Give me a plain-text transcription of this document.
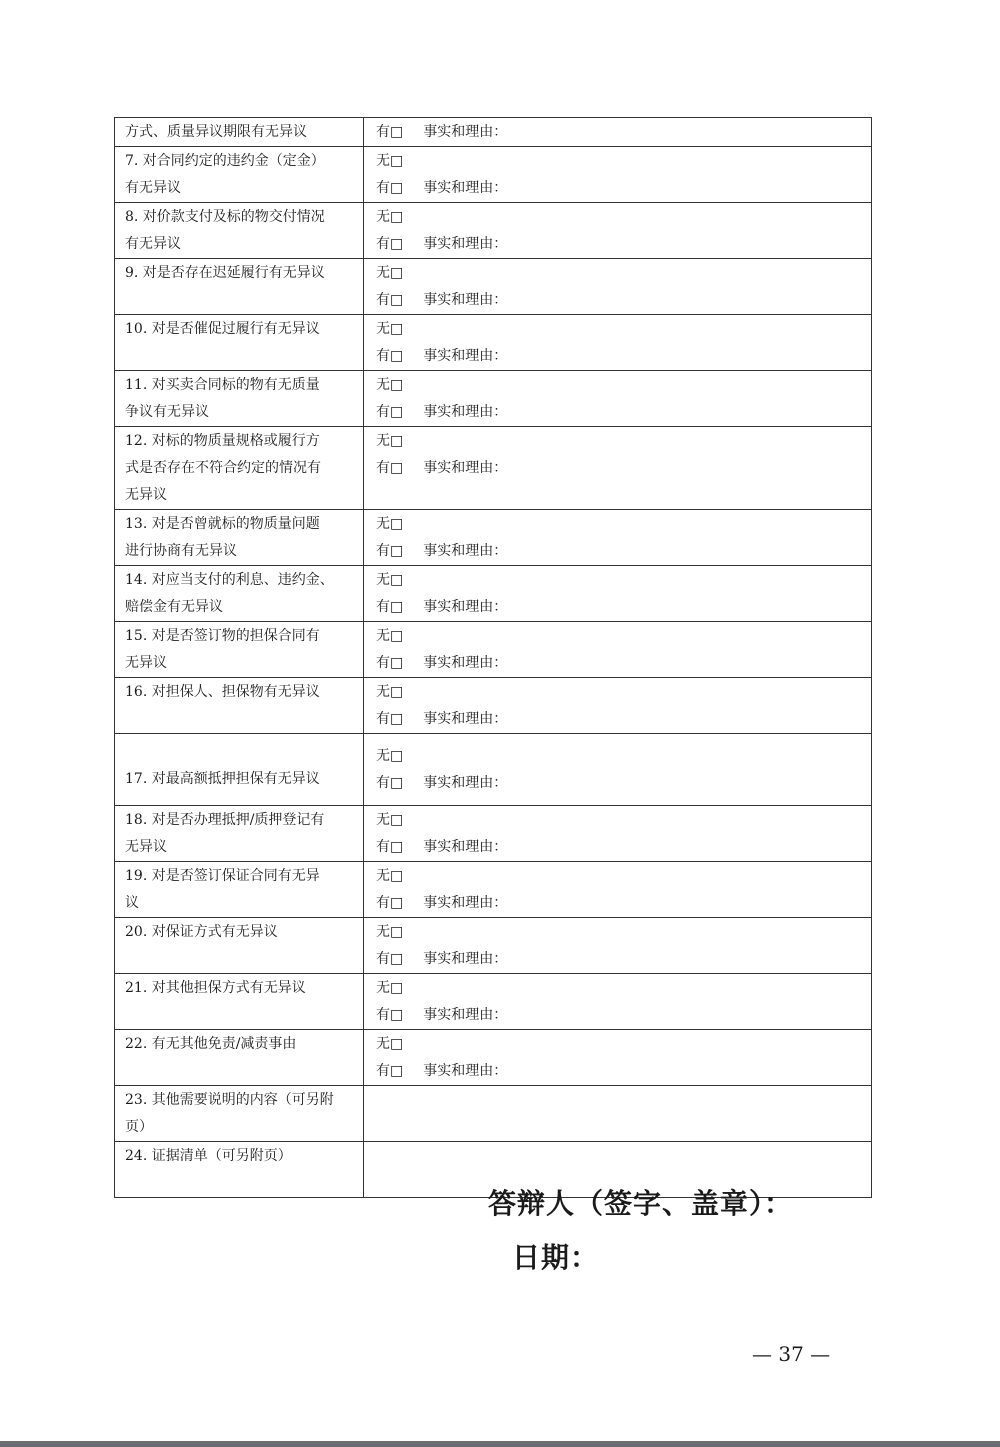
方式、质量异议期限有无异议	有□ 事实和理由：

7. 对合同约定的违约金（定金）
有无异议	无□
有□ 事实和理由：

8. 对价款支付及标的物交付情况
有无异议	无□
有□ 事实和理由：

9. 对是否存在迟延履行有无异议	无□
有□ 事实和理由：

10. 对是否催促过履行有无异议	无□
有□ 事实和理由：

11. 对买卖合同标的物有无质量
争议有无异议	无□
有□ 事实和理由：

12. 对标的物质量规格或履行方
式是否存在不符合约定的情况有
无异议	无□
有□ 事实和理由：

13. 对是否曾就标的物质量问题
进行协商有无异议	无□
有□ 事实和理由：

14. 对应当支付的利息、违约金、
赔偿金有无异议	无□
有□ 事实和理由：

15. 对是否签订物的担保合同有
无异议	无□
有□ 事实和理由：

16. 对担保人、担保物有无异议	无□
有□ 事实和理由：

17. 对最高额抵押担保有无异议	无□
有□ 事实和理由：

18. 对是否办理抵押/质押登记有
无异议	无□
有□ 事实和理由：

19. 对是否签订保证合同有无异
议	无□
有□ 事实和理由：

20. 对保证方式有无异议	无□
有□ 事实和理由：

21. 对其他担保方式有无异议	无□
有□ 事实和理由：

22. 有无其他免责/减责事由	无□
有□ 事实和理由：

23. 其他需要说明的内容（可另附
页）	

24. 证据清单（可另附页）	

答辩人（签字、盖章）：
日期：
— 37 —
